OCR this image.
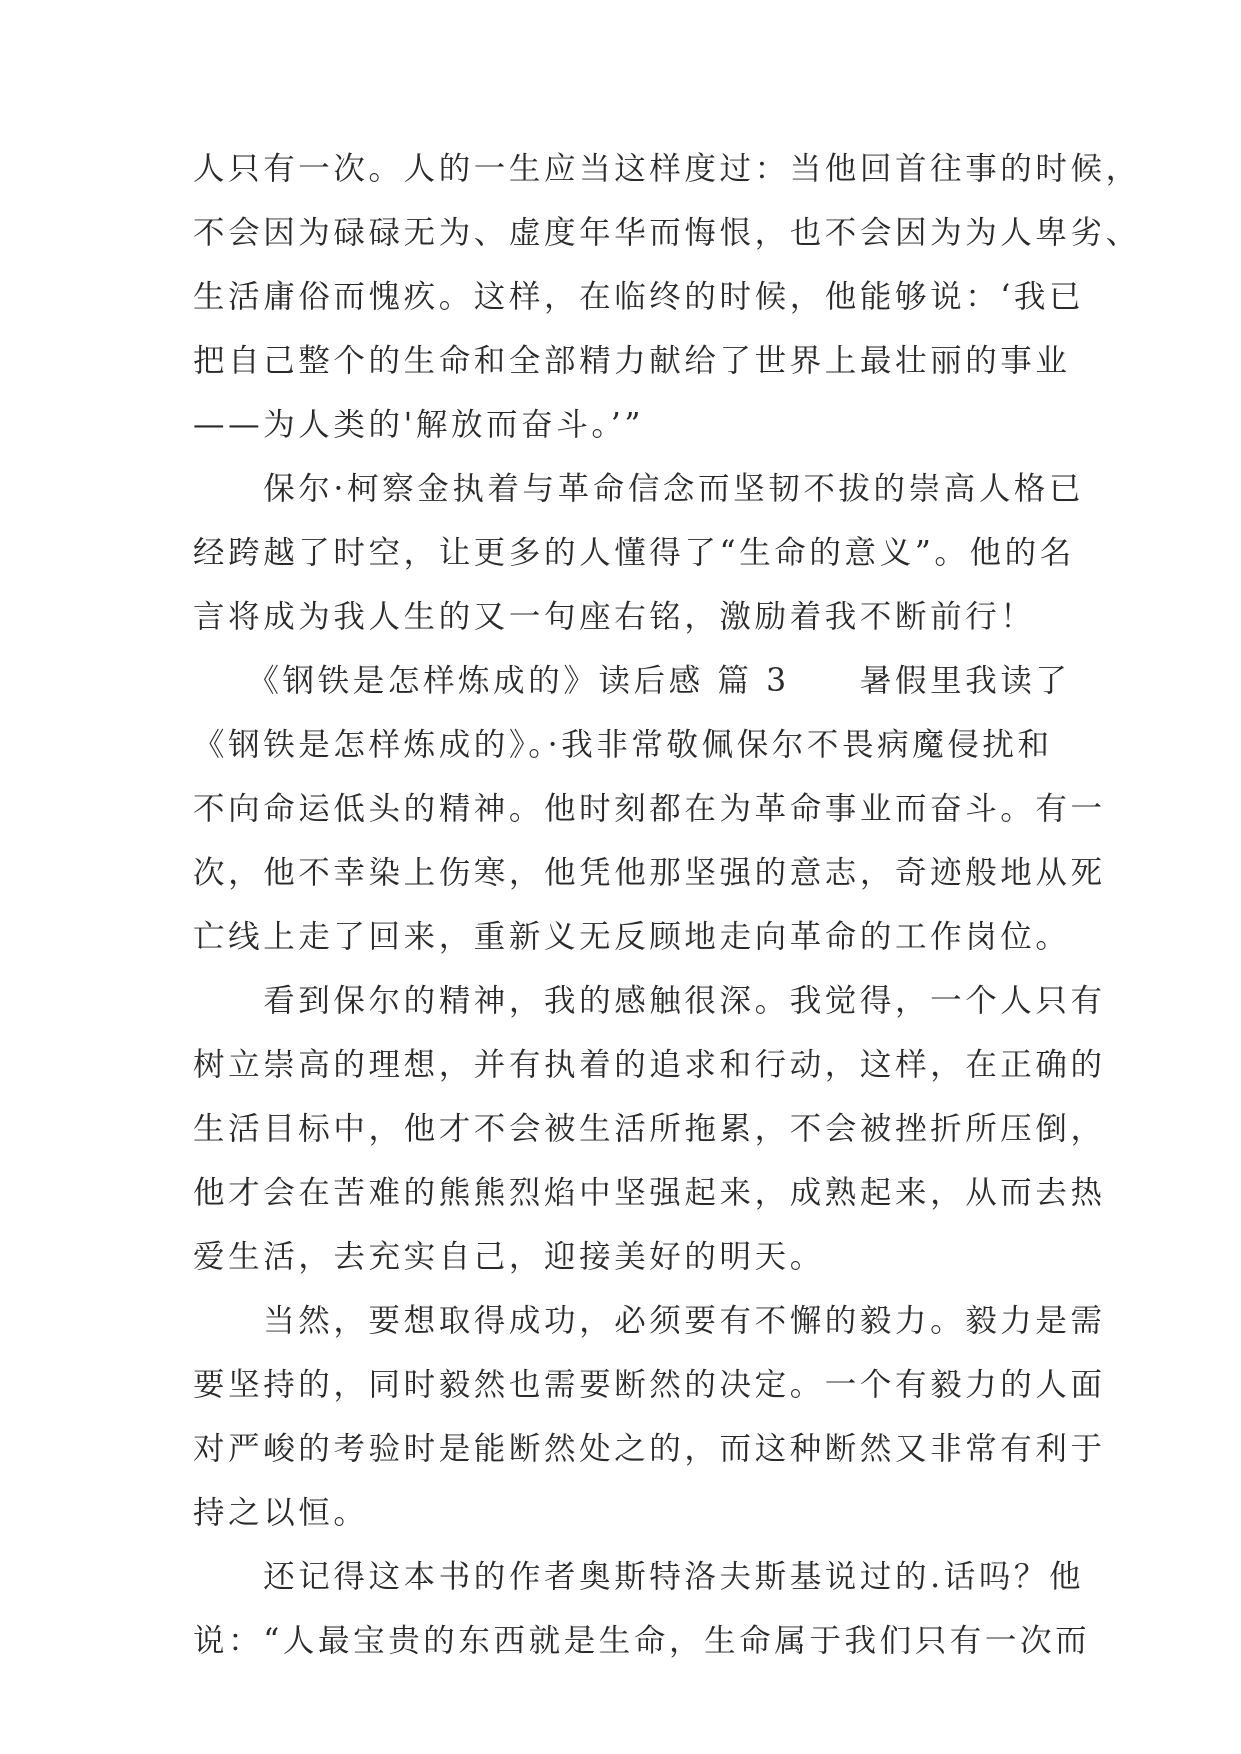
人只有一次。人的一生应当这样度过：当他回首往事的时候，
不会因为碌碌无为、虚度年华而悔恨，也不会因为为人卑劣、
生活庸俗而愧疚。这样，在临终的时候，他能够说：‘我已
把自己整个的生命和全部精力献给了世界上最壮丽的事业
——为人类的'解放而奋斗。’”
　　保尔·柯察金执着与革命信念而坚韧不拔的崇高人格已
经跨越了时空，让更多的人懂得了“生命的意义”。他的名
言将成为我人生的又一句座右铭，激励着我不断前行！
　　《钢铁是怎样炼成的》读后感 篇 3　　暑假里我读了
《钢铁是怎样炼成的》。·我非常敬佩保尔不畏病魔侵扰和
不向命运低头的精神。他时刻都在为革命事业而奋斗。有一
次，他不幸染上伤寒，他凭他那坚强的意志，奇迹般地从死
亡线上走了回来，重新义无反顾地走向革命的工作岗位。
　　看到保尔的精神，我的感触很深。我觉得，一个人只有
树立崇高的理想，并有执着的追求和行动，这样，在正确的
生活目标中，他才不会被生活所拖累，不会被挫折所压倒，
他才会在苦难的熊熊烈焰中坚强起来，成熟起来，从而去热
爱生活，去充实自己，迎接美好的明天。
　　当然，要想取得成功，必须要有不懈的毅力。毅力是需
要坚持的，同时毅然也需要断然的决定。一个有毅力的人面
对严峻的考验时是能断然处之的，而这种断然又非常有利于
持之以恒。
　　还记得这本书的作者奥斯特洛夫斯基说过的.话吗？他
说：“人最宝贵的东西就是生命，生命属于我们只有一次而
